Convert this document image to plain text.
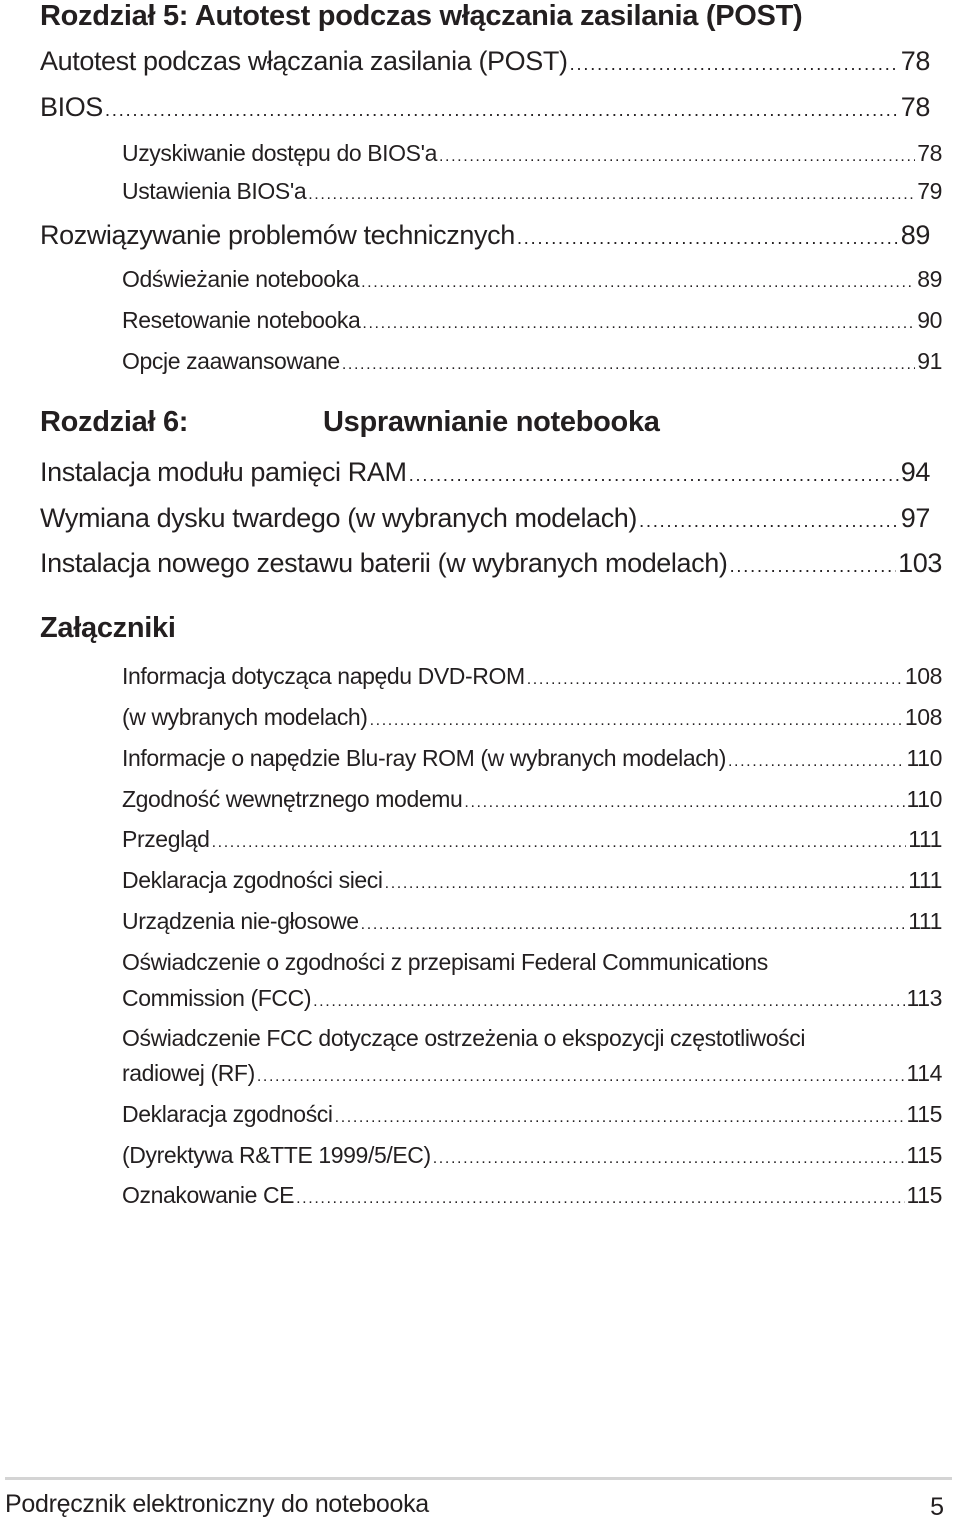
Rozdział 5: Autotest podczas włączania zasilania (POST)
Autotest podczas włączania zasilania (POST) .....	78
BIOS .....	78
Uzyskiwanie dostępu do BIOS'a .....	78
Ustawienia BIOS'a .....	79
Rozwiązywanie problemów technicznych .....	89
Odświeżanie notebooka .....	89
Resetowanie notebooka .....	90
Opcje zaawansowane .....	91
Rozdział 6:	Usprawnianie notebooka
Instalacja modułu pamięci RAM .....	94
Wymiana dysku twardego (w wybranych modelach) .....	97
Instalacja nowego zestawu baterii (w wybranych modelach) .....	103
Załączniki
Informacja dotycząca napędu DVD-ROM .....	108
(w wybranych modelach) .....	108
Informacje o napędzie Blu-ray ROM (w wybranych modelach) .....	110
Zgodność wewnętrznego modemu .....	110
Przegląd .....	111
Deklaracja zgodności sieci .....	111
Urządzenia nie-głosowe .....	111
Oświadczenie o zgodności z przepisami Federal Communications
Commission (FCC) .....	113
Oświadczenie FCC dotyczące ostrzeżenia o ekspozycji częstotliwości
radiowej (RF) .....	114
Deklaracja zgodności .....	115
(Dyrektywa R&TTE 1999/5/EC) .....	115
Oznakowanie CE .....	115
Podręcznik elektroniczny do notebooka	5
